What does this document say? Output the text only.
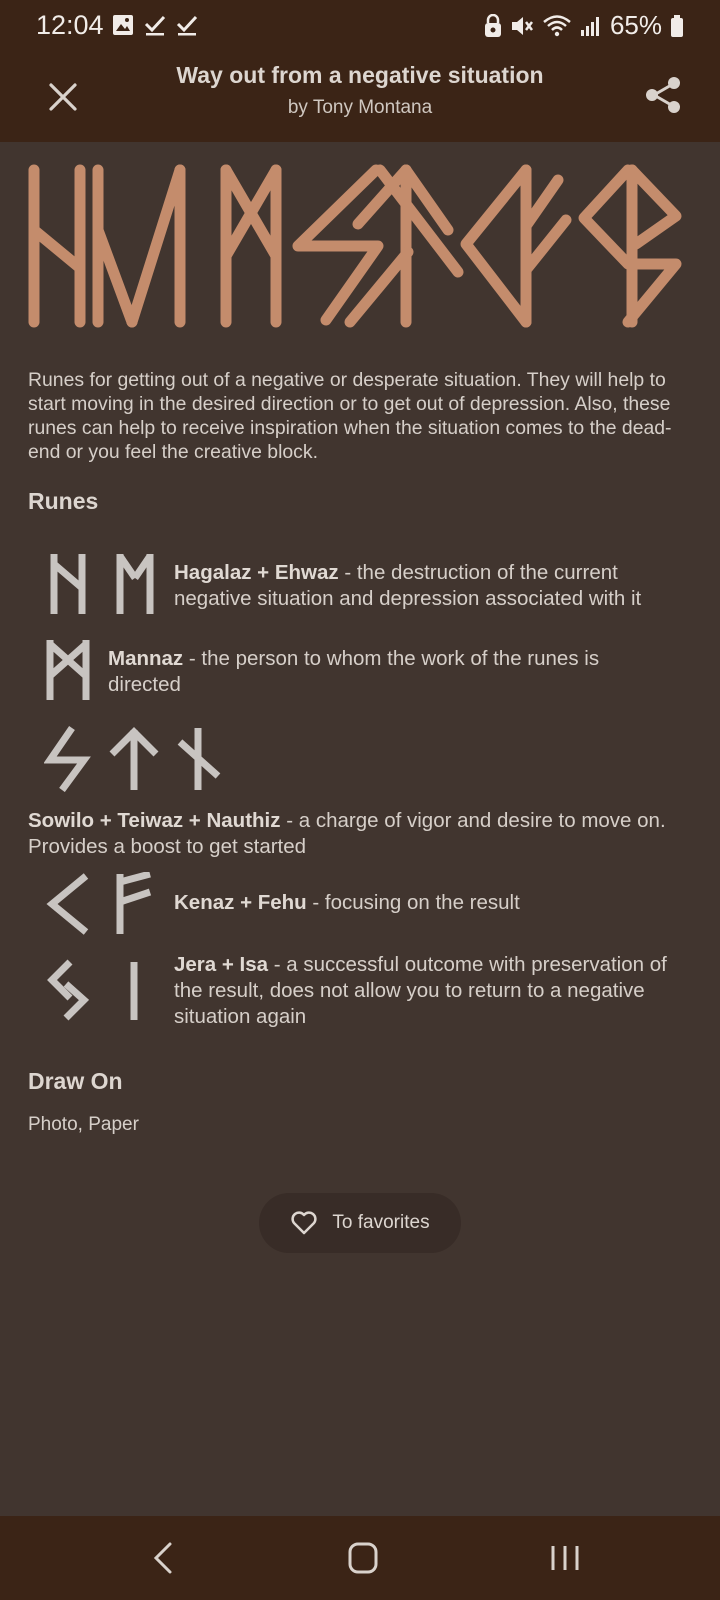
12:04	65%
Way out from a negative situation
by Tony Montana

Runes for getting out of a negative or desperate situation. They will help to start moving in the desired direction or to get out of depression. Also, these runes can help to receive inspiration when the situation comes to the dead-end or you feel the creative block.

Runes
Hagalaz + Ehwaz - the destruction of the current negative situation and depression associated with it
Mannaz - the person to whom the work of the runes is directed
Sowilo + Teiwaz + Nauthiz - a charge of vigor and desire to move on. Provides a boost to get started
Kenaz + Fehu - focusing on the result
Jera + Isa - a successful outcome with preservation of the result, does not allow you to return to a negative situation again
Draw On
Photo, Paper
To favorites
